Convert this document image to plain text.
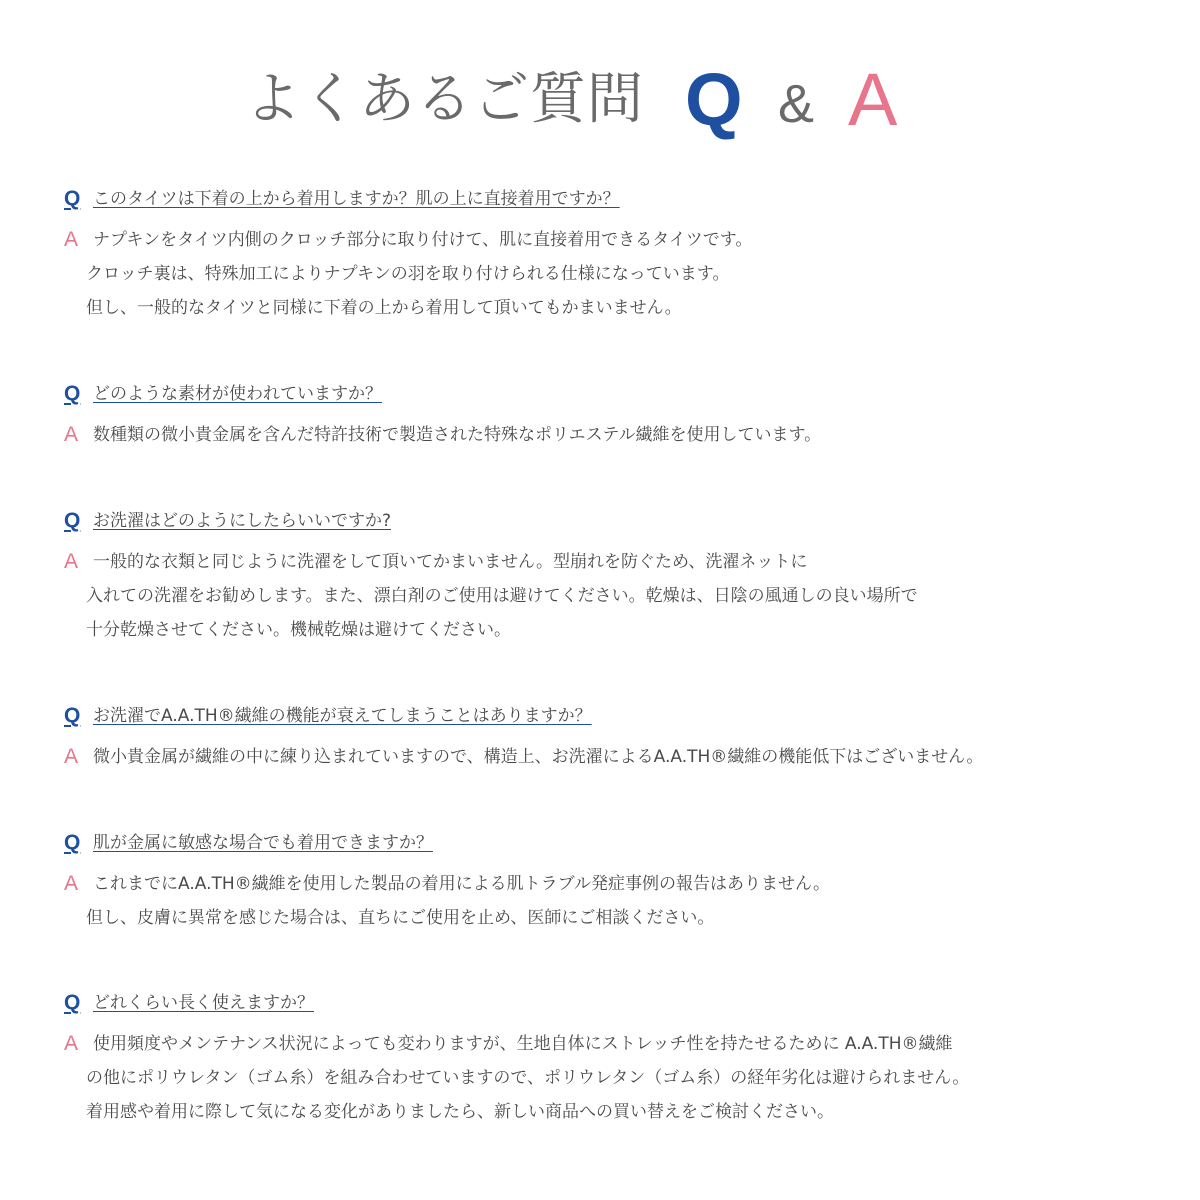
よくあるご質問 Q & A
Q このタイツは下着の上から着用しますか？肌の上に直接着用ですか？
A ナプキンをタイツ内側のクロッチ部分に取り付けて、肌に直接着用できるタイツです。
クロッチ裏は、特殊加工によりナプキンの羽を取り付けられる仕様になっています。
但し、一般的なタイツと同様に下着の上から着用して頂いてもかまいません。
Q どのような素材が使われていますか？
A 数種類の微小貴金属を含んだ特許技術で製造された特殊なポリエステル繊維を使用しています。
Q お洗濯はどのようにしたらいいですか?
A 一般的な衣類と同じように洗濯をして頂いてかまいません。型崩れを防ぐため、洗濯ネットに
入れての洗濯をお勧めします。また、漂白剤のご使用は避けてください。乾燥は、日陰の風通しの良い場所で
十分乾燥させてください。機械乾燥は避けてください。
Q お洗濯でA.A.TH®繊維の機能が衰えてしまうことはありますか？
A 微小貴金属が繊維の中に練り込まれていますので、構造上、お洗濯によるA.A.TH®繊維の機能低下はございません。
Q 肌が金属に敏感な場合でも着用できますか？
A これまでにA.A.TH®繊維を使用した製品の着用による肌トラブル発症事例の報告はありません。
但し、皮膚に異常を感じた場合は、直ちにご使用を止め、医師にご相談ください。
Q どれくらい長く使えますか？
A 使用頻度やメンテナンス状況によっても変わりますが、生地自体にストレッチ性を持たせるために A.A.TH®繊維
の他にポリウレタン（ゴム糸）を組み合わせていますので、ポリウレタン（ゴム糸）の経年劣化は避けられません。
着用感や着用に際して気になる変化がありましたら、新しい商品への買い替えをご検討ください。
